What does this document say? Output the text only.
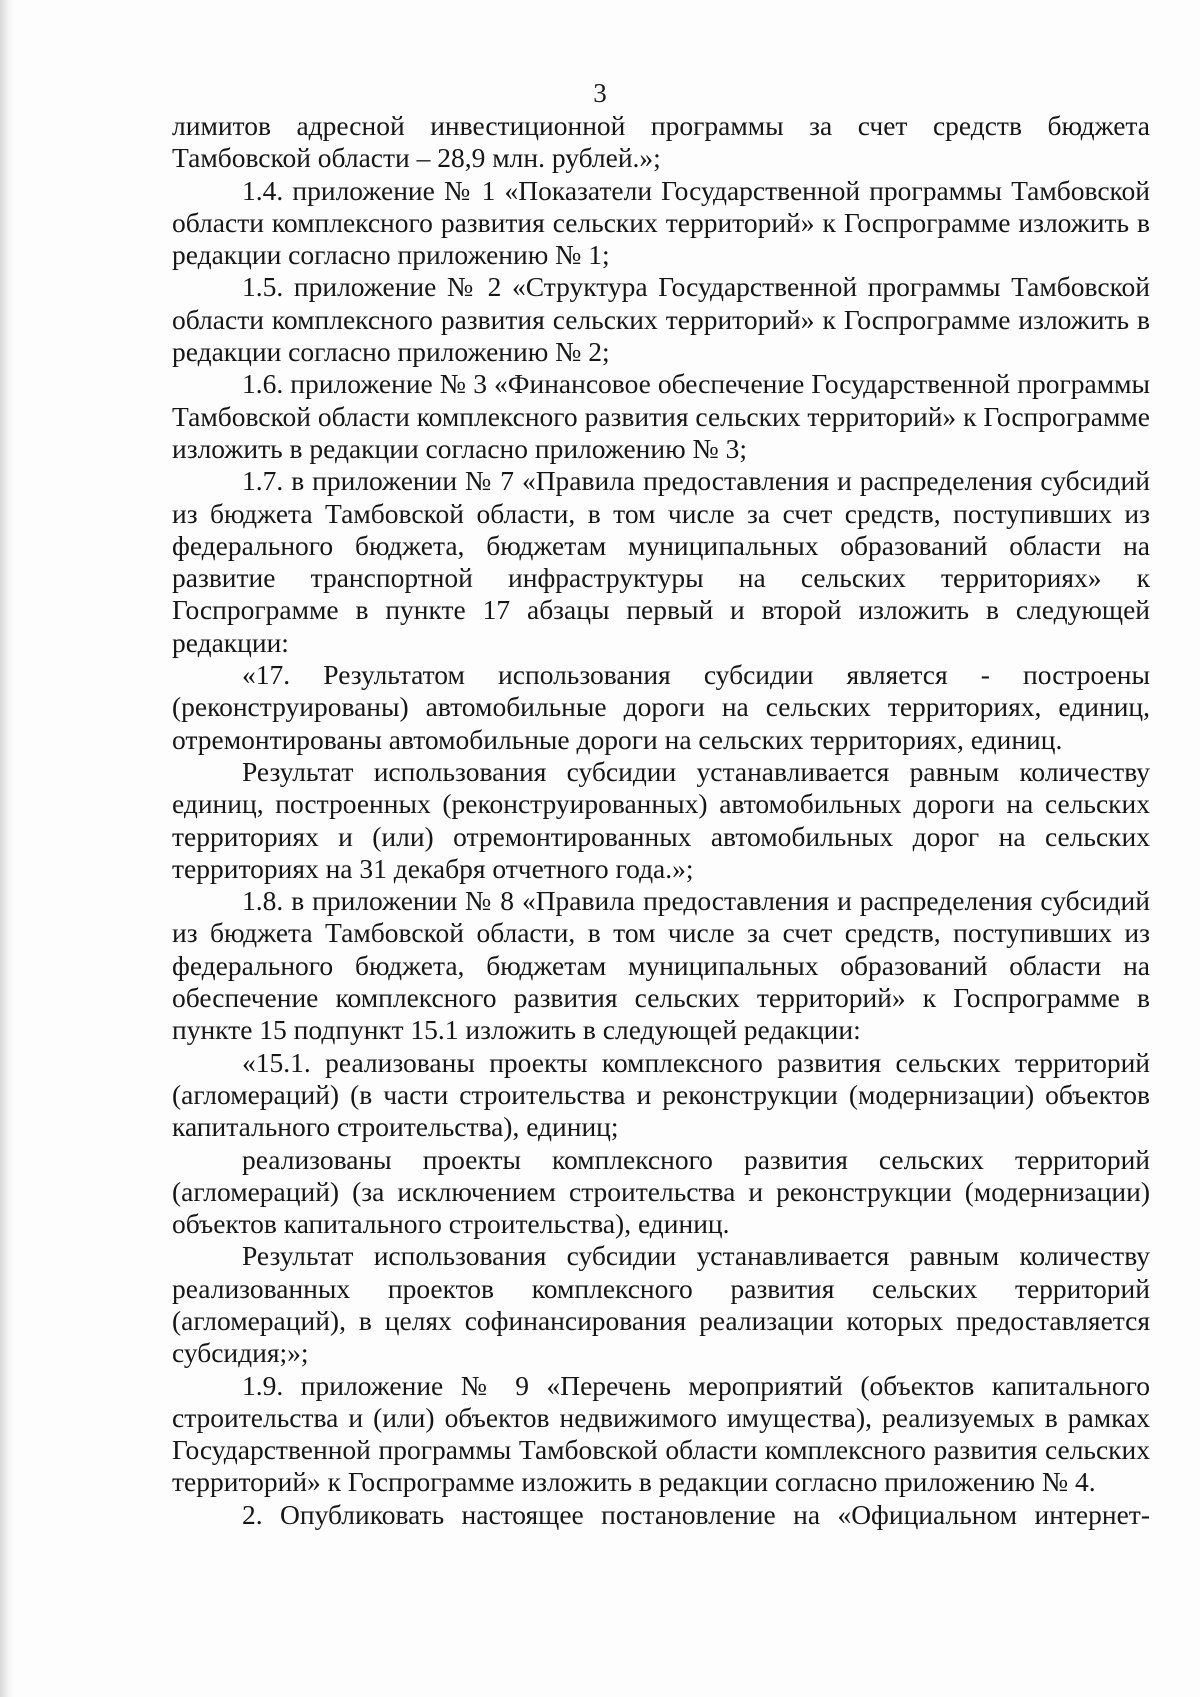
3

лимитов адресной инвестиционной программы за счет средств бюджета Тамбовской области – 28,9 млн. рублей.»;

1.4. приложение № 1 «Показатели Государственной программы Тамбовской области комплексного развития сельских территорий» к Госпрограмме изложить в редакции согласно приложению № 1;

1.5. приложение № 2 «Структура Государственной программы Тамбовской области комплексного развития сельских территорий» к Госпрограмме изложить в редакции согласно приложению № 2;

1.6. приложение № 3 «Финансовое обеспечение Государственной программы Тамбовской области комплексного развития сельских территорий» к Госпрограмме изложить в редакции согласно приложению № 3;

1.7. в приложении № 7 «Правила предоставления и распределения субсидий из бюджета Тамбовской области, в том числе за счет средств, поступивших из федерального бюджета, бюджетам муниципальных образований области на развитие транспортной инфраструктуры на сельских территориях» к Госпрограмме в пункте 17 абзацы первый и второй изложить в следующей редакции:

«17. Результатом использования субсидии является - построены (реконструированы) автомобильные дороги на сельских территориях, единиц, отремонтированы автомобильные дороги на сельских территориях, единиц.

Результат использования субсидии устанавливается равным количеству единиц, построенных (реконструированных) автомобильных дороги на сельских территориях и (или) отремонтированных автомобильных дорог на сельских территориях на 31 декабря отчетного года.»;

1.8. в приложении № 8 «Правила предоставления и распределения субсидий из бюджета Тамбовской области, в том числе за счет средств, поступивших из федерального бюджета, бюджетам муниципальных образований области на обеспечение комплексного развития сельских территорий» к Госпрограмме в пункте 15 подпункт 15.1 изложить в следующей редакции:

«15.1. реализованы проекты комплексного развития сельских территорий (агломераций) (в части строительства и реконструкции (модернизации) объектов капитального строительства), единиц;

реализованы проекты комплексного развития сельских территорий (агломераций) (за исключением строительства и реконструкции (модернизации) объектов капитального строительства), единиц.

Результат использования субсидии устанавливается равным количеству реализованных проектов комплексного развития сельских территорий (агломераций), в целях софинансирования реализации которых предоставляется субсидия;»;

1.9. приложение № 9 «Перечень мероприятий (объектов капитального строительства и (или) объектов недвижимого имущества), реализуемых в рамках Государственной программы Тамбовской области комплексного развития сельских территорий» к Госпрограмме изложить в редакции согласно приложению № 4.

2. Опубликовать настоящее постановление на «Официальном интернет-
